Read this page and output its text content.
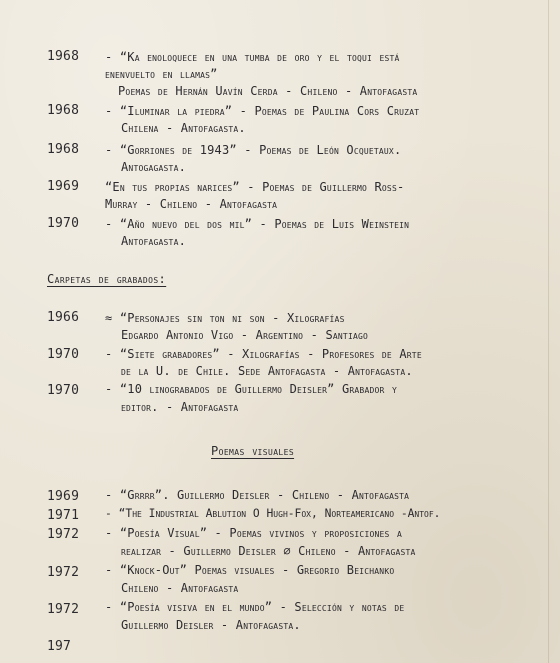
1968 - “Ka enoloquece en una tumba de oro y el toqui está
enenvuelto en llamas”
Poemas de Hernán Uavín Cerda - Chileno - Antofagasta
1968 - “Iluminar la piedra” - Poemas de Paulina Cors Cruzat
Chilena - Antofagasta.
1968 - “Gorriones de 1943” - Poemas de León Ocquetaux.
Antogagasta.
1969 “En tus propias narices” - Poemas de Guillermo Ross-
Murray - Chileno - Antofagasta
1970 - “Año nuevo del dos mil” - Poemas de Luis Weinstein
Antofagasta.
Carpetas de grabados:
1966 ≈ “Personajes sin ton ni son - Xilografías
Edgardo Antonio Vigo - Argentino - Santiago
1970 - “Siete grabadores” - Xilografías - Profesores de Arte
de la U. de Chile. Sede Antofagasta - Antofagasta.
1970 - “10 linograbados de Guillermo Deisler” Grabador y
editor. - Antofagasta
Poemas visuales
1969 - “Grrrr”. Guillermo Deisler - Chileno - Antofagasta
1971 - “The Industrial Ablution O Hugh-Fox, Norteamericano -Antof.
1972 - “Poesía Visual” - Poemas vivinos y proposiciones a
realizar - Guillermo Deisler ∅ Chileno - Antofagasta
1972 - “Knock-Out” Poemas visuales - Gregorio Beichanko
Chileno - Antofagasta
1972 - “Poesía visiva en el mundo” - Selección y notas de
Guillermo Deisler - Antofagasta.
197
